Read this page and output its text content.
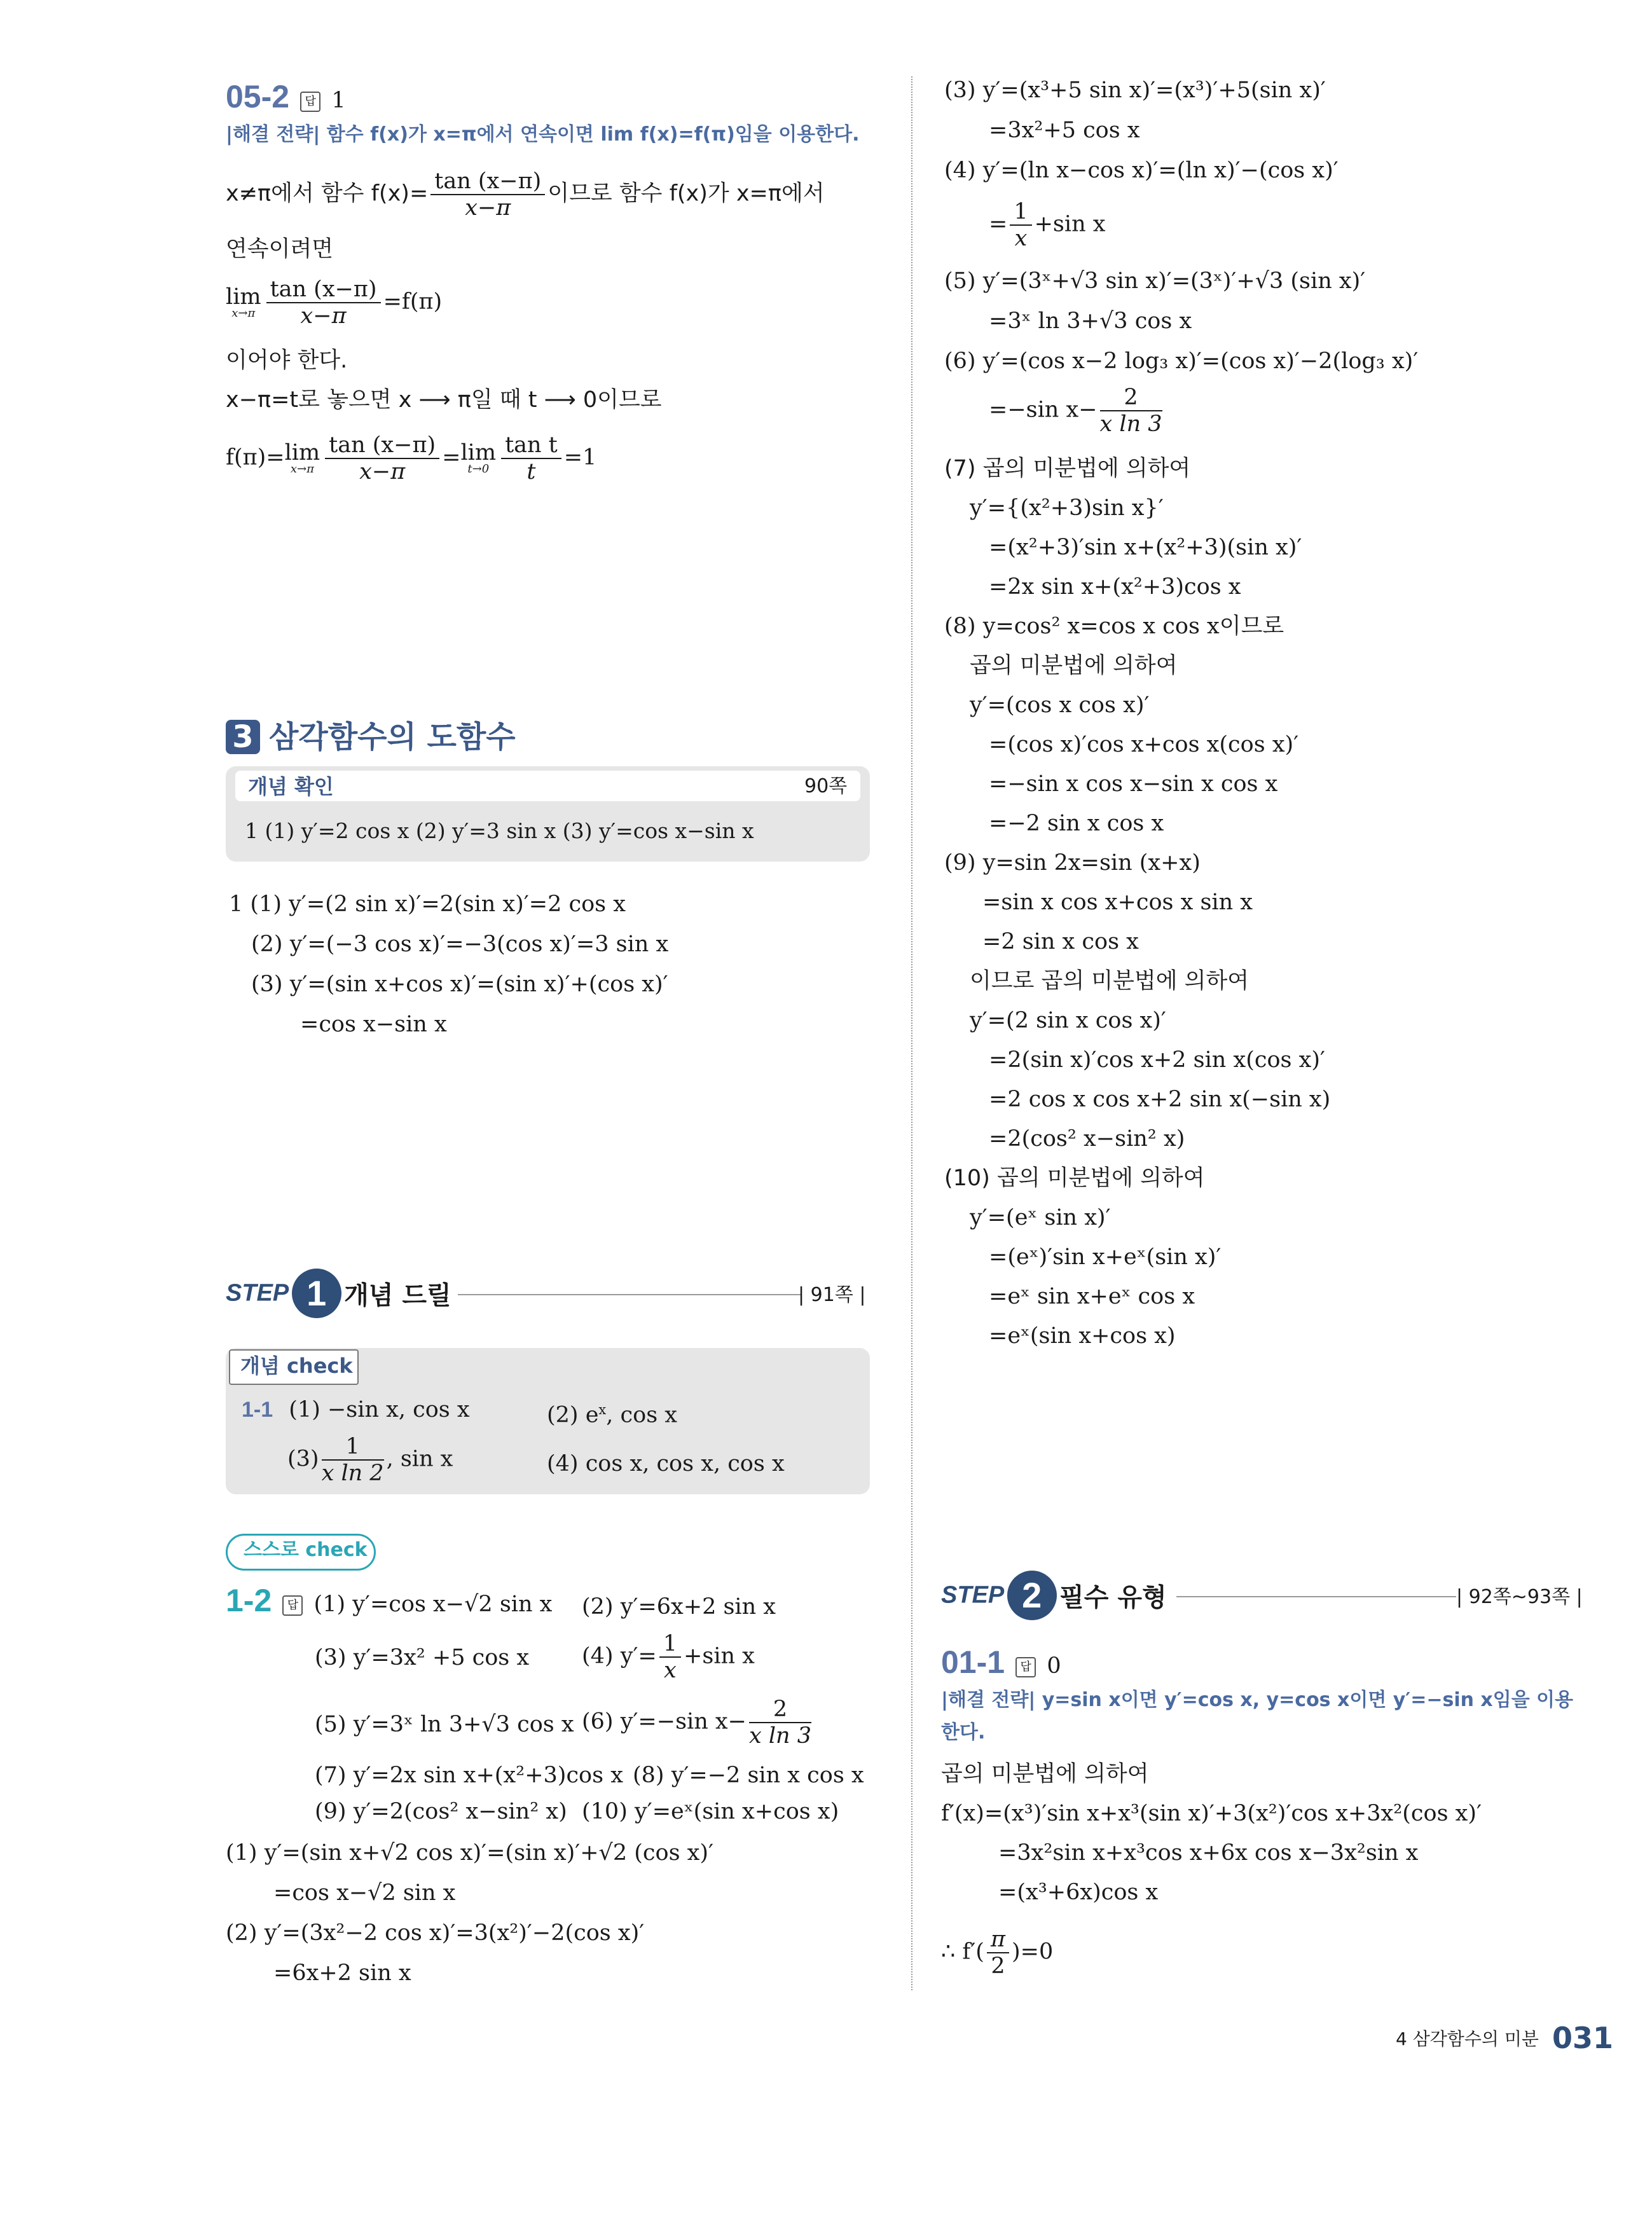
05-2 답 1
|해결 전략| 함수 f(x)가 x=π에서 연속이면 lim f(x)=f(π)임을 이용한다.
x≠π에서 함수 $f(x)= \frac{\tan (x-\pi)}{x-\pi}$ 이므로 함수 f(x)가 x=π에서
연속이려면
lim
$x\to\pi \frac{\tan (x-\pi)}{x-\pi} =f(\pi)$
이어야 한다.
x−π=t로 놓으면 x ⟶ π일 때 t ⟶ 0이므로
f(π)= lim
$x\to\pi \frac{\tan (x-\pi)}{x-\pi} = \lim$
$t\to 0 \frac{\text{tan t}}{t} =1$
3 삼각함수의 도함수
개념 확인	90쪽
1 (1) y′=2 cos x (2) y′=3 sin x (3) y′=cos x−sin x
1 (1) y′=(2 sin x)′=2(sin x)′=2 cos x
(2) y′=(−3 cos x)′=−3(cos x)′=3 sin x
(3) y′=(sin x+cos x)′=(sin x)′+(cos x)′
=cos x−sin x
STEP 1 개념 드릴	| 91쪽 |
개념 check
1-1 (1) −sin x, cos x	(2) $e^x$, cos x
$(3) \frac{1}{\text{x ln 2}}$ , sin x	(4) cos x, cos x, cos x
스스로 check
1-2 답 (1) y′=cos x−√2 sin x (2) y′=6x+2 sin x
(3) y′=3x² +5 cos x (4) $y'= \frac{1}{x} +\sin$ x
(5) y′=3ˣ ln 3+√3 cos x (6) y′=−sin $x- \frac{2}{\text{x ln 3}}$
(7) y′=2x sin x+(x²+3)cos x (8) y′=−2 sin x cos x
(9) y′=2(cos² x−sin² x) (10) y′=eˣ(sin x+cos x)
(1) y′=(sin x+√2 cos x)′=(sin x)′+√2 (cos x)′
=cos x−√2 sin x
(2) y′=(3x²−2 cos x)′=3(x²)′−2(cos x)′
=6x+2 sin x
(3) y′=(x³+5 sin x)′=(x³)′+5(sin x)′
=3x²+5 cos x
(4) y′=(ln x−cos x)′=(ln x)′−(cos x)′
= $\frac{1}{x} +\sin$ x
(5) y′=(3ˣ+√3 sin x)′=(3ˣ)′+√3 (sin x)′
=3ˣ ln 3+√3 cos x
(6) y′=(cos x−2 log₃ x)′=(cos x)′−2(log₃ x)′
=−sin $x- \frac{2}{\text{x ln 3}}$
(7) 곱의 미분법에 의하여
y′={(x²+3)sin x}′
=(x²+3)′sin x+(x²+3)(sin x)′
=2x sin x+(x²+3)cos x
(8) y=cos² x=cos x cos x이므로
곱의 미분법에 의하여
y′=(cos x cos x)′
=(cos x)′cos x+cos x(cos x)′
=−sin x cos x−sin x cos x
=−2 sin x cos x
(9) y=sin 2x=sin (x+x)
=sin x cos x+cos x sin x
=2 sin x cos x
이므로 곱의 미분법에 의하여
y′=(2 sin x cos x)′
=2(sin x)′cos x+2 sin x(cos x)′
=2 cos x cos x+2 sin x(−sin x)
=2(cos² x−sin² x)
(10) 곱의 미분법에 의하여
y′=(eˣ sin x)′
=(eˣ)′sin x+eˣ(sin x)′
=eˣ sin x+eˣ cos x
=eˣ(sin x+cos x)
STEP 2 필수 유형	| 92쪽~93쪽 |
01-1 답 0
|해결 전략| y=sin x이면 y′=cos x, y=cos x이면 y′=−sin x임을 이용
한다.
곱의 미분법에 의하여
f′(x)=(x³)′sin x+x³(sin x)′+3(x²)′cos x+3x²(cos x)′
=3x²sin x+x³cos x+6x cos x−3x²sin x
=(x³+6x)cos x
∴ $f'( \frac{\pi}{2} )=0$
4 삼각함수의 미분 031
